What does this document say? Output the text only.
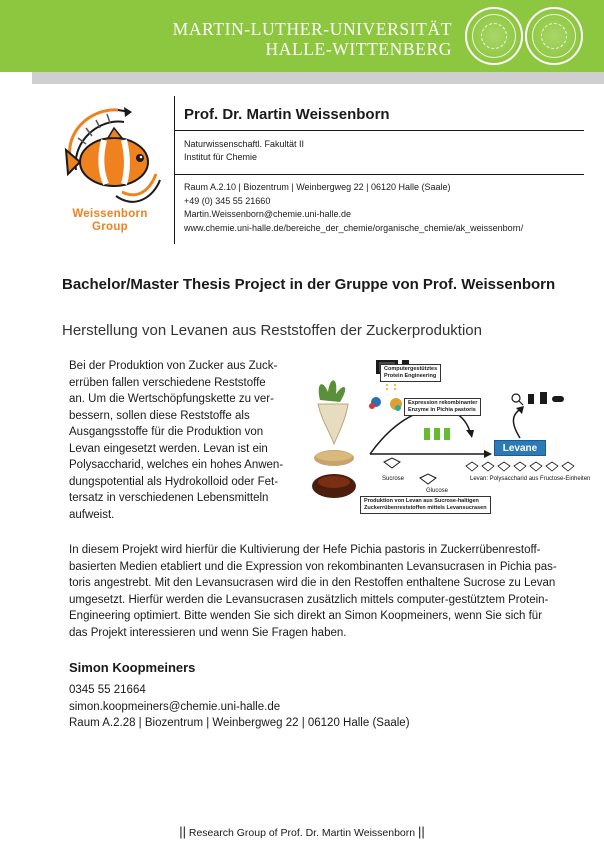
MARTIN-LUTHER-UNIVERSITÄT
HALLE-WITTENBERG
Weissenborn
Group
Prof. Dr. Martin Weissenborn
Naturwissenschaftl. Fakultät II
Institut für Chemie
Raum A.2.10 | Biozentrum | Weinbergweg 22 | 06120 Halle (Saale)
+49 (0) 345 55 21660
Martin.Weissenborn@chemie.uni-halle.de
www.chemie.uni-halle.de/bereiche_der_chemie/organische_chemie/ak_weissenborn/
Bachelor/Master Thesis Project in der Gruppe von Prof. Weissenborn
Herstellung von Levanen aus Reststoffen der Zuckerproduktion
Bei der Produktion von Zucker aus Zuck-
errüben fallen verschiedene Reststoffe
an. Um die Wertschöpfungskette zu ver-
bessern, sollen diese Reststoffe als
Ausgangsstoffe für die Produktion von
Levan eingesetzt werden. Levan ist ein
Polysaccharid, welches ein hohes Anwen-
dungspotential als Hydrokolloid oder Fet-
tersatz in verschiedenen Lebensmitteln
aufweist.
Computergestütztes
Protein Engineering
Expression rekombinanter
Enzyme in Pichia pastoris
Levane
Sucrose
Glucose
Levan: Polysaccharid aus Fructose-Einheiten
Produktion von Levan aus Sucrose-haltigen
Zuckerrübenreststoffen mittels Levansucrasen
In diesem Projekt wird hierfür die Kultivierung der Hefe Pichia pastoris in Zuckerrübenrestoff-
basierten Medien etabliert und die Expression von rekombinanten Levansucrasen in Pichia pas-
toris angestrebt. Mit den Levansucrasen wird die in den Restoffen enthaltene Sucrose zu Levan
umgesetzt. Hierfür werden die Levansucrasen zusätzlich mittels computer-gestütztem Protein-
Engineering optimiert. Bitte wenden Sie sich direkt an Simon Koopmeiners, wenn Sie sich für
das Projekt interessieren und wenn Sie Fragen haben.
Simon Koopmeiners
0345 55 21664
simon.koopmeiners@chemie.uni-halle.de
Raum A.2.28 | Biozentrum | Weinbergweg 22 | 06120 Halle (Saale)
|| Research Group of Prof. Dr. Martin Weissenborn ||
